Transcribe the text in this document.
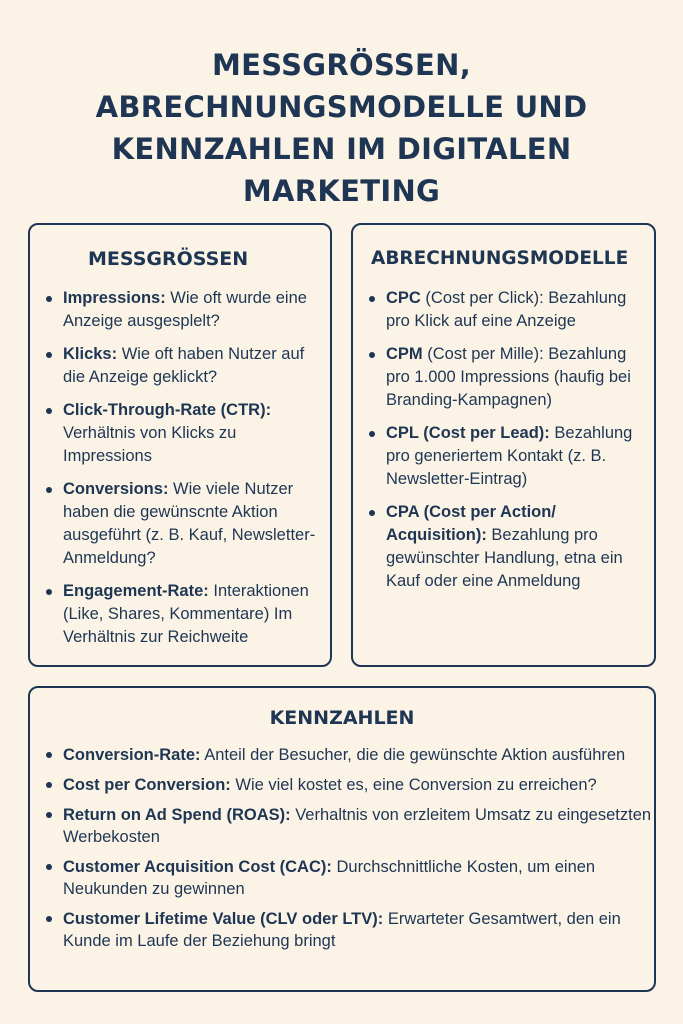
MESSGRÖSSEN,
ABRECHNUNGSMODELLE UND
KENNZAHLEN IM DIGITALEN
MARKETING
MESSGRÖSSEN
Impressions: Wie oft wurde eine Anzeige ausgesplelt?
Klicks: Wie oft haben Nutzer auf die Anzeige geklickt?
Click-Through-Rate (CTR): Verhältnis von Klicks zu Impressions
Conversions: Wie viele Nutzer haben die gewünscnte Aktion ausgeführt (z. B. Kauf, Newsletter-Anmeldung?
Engagement-Rate: Interaktionen (Like, Shares, Kommentare) Im Verhältnis zur Reichweite
ABRECHNUNGSMODELLE
CPC (Cost per Click): Bezahlung pro Klick auf eine Anzeige
CPM (Cost per Mille): Bezahlung pro 1.000 Impressions (haufig bei Branding-Kampagnen)
CPL (Cost per Lead): Bezahlung pro generiertem Kontakt (z. B. Newsletter-Eintrag)
CPA (Cost per Action/ Acquisition): Bezahlung pro gewünschter Handlung, etna ein Kauf oder eine Anmeldung
KENNZAHLEN
Conversion-Rate: Anteil der Besucher, die die gewünschte Aktion ausführen
Cost per Conversion: Wie viel kostet es, eine Conversion zu erreichen?
Return on Ad Spend (ROAS): Verhaltnis von erzleitem Umsatz zu eingesetzten Werbekosten
Customer Acquisition Cost (CAC): Durchschnittliche Kosten, um einen Neukunden zu gewinnen
Customer Lifetime Value (CLV oder LTV): Erwarteter Gesamtwert, den ein Kunde im Laufe der Beziehung bringt
